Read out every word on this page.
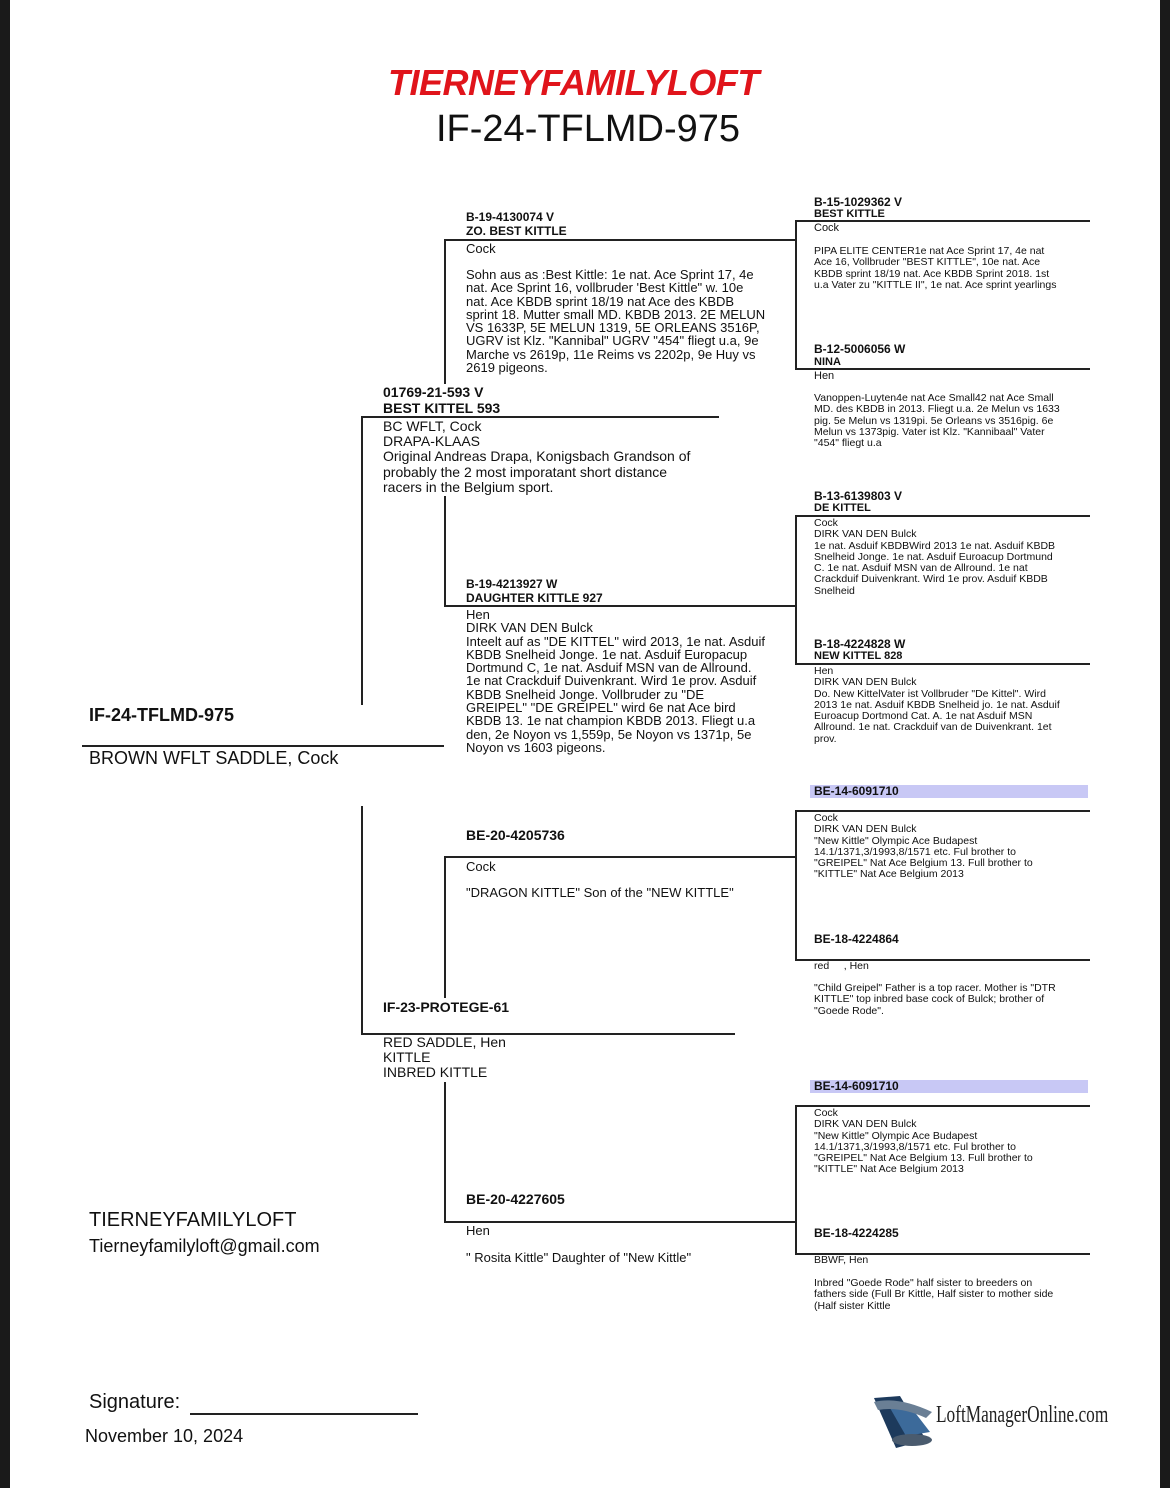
TIERNEYFAMILYLOFT
IF-24-TFLMD-975
IF-24-TFLMD-975
BROWN WFLT SADDLE, Cock
01769-21-593 V
BEST KITTEL 593
BC WFLT, Cock
DRAPA-KLAAS
Original Andreas Drapa, Konigsbach Grandson of
probably the 2 most imporatant short distance
racers in the Belgium sport.
IF-23-PROTEGE-61
RED SADDLE, Hen
KITTLE
INBRED KITTLE
B-19-4130074 V
ZO. BEST KITTLE
Cock
Sohn aus as :Best Kittle: 1e nat. Ace Sprint 17, 4e
nat. Ace Sprint 16, vollbruder 'Best Kittle" w. 10e
nat. Ace KBDB sprint 18/19 nat Ace des KBDB
sprint 18. Mutter small MD. KBDB 2013. 2E MELUN
VS 1633P, 5E MELUN 1319, 5E ORLEANS 3516P,
UGRV ist Klz. "Kannibal" UGRV "454" fliegt u.a, 9e
Marche vs 2619p, 11e Reims vs 2202p, 9e Huy vs
2619 pigeons.
B-19-4213927 W
DAUGHTER KITTLE 927
Hen
DIRK VAN DEN Bulck
Inteelt auf as "DE KITTEL" wird 2013, 1e nat. Asduif
KBDB Snelheid Jonge. 1e nat. Asduif Europacup
Dortmund C, 1e nat. Asduif MSN van de Allround.
1e nat Crackduif Duivenkrant. Wird 1e prov. Asduif
KBDB Snelheid Jonge. Vollbruder zu "DE
GREIPEL" "DE GREIPEL" wird 6e nat Ace bird
KBDB 13. 1e nat champion KBDB 2013. Fliegt u.a
den, 2e Noyon vs 1,559p, 5e Noyon vs 1371p, 5e
Noyon vs 1603 pigeons.
BE-20-4205736
Cock
"DRAGON KITTLE" Son of the "NEW KITTLE"
BE-20-4227605
Hen
" Rosita Kittle" Daughter of "New Kittle"
B-15-1029362 V
BEST KITTLE
Cock
PIPA ELITE CENTER1e nat Ace Sprint 17, 4e nat
Ace 16, Vollbruder "BEST KITTLE", 10e nat. Ace
KBDB sprint 18/19 nat. Ace KBDB Sprint 2018. 1st
u.a Vater zu "KITTLE II", 1e nat. Ace sprint yearlings
B-12-5006056 W
NINA
Hen
Vanoppen-Luyten4e nat Ace Small42 nat Ace Small
MD. des KBDB in 2013. Fliegt u.a. 2e Melun vs 1633
pig. 5e Melun vs 1319pi. 5e Orleans vs 3516pig. 6e
Melun vs 1373pig. Vater ist Klz. "Kannibaal" Vater
"454" fliegt u.a
B-13-6139803 V
DE KITTEL
Cock
DIRK VAN DEN Bulck
1e nat. Asduif KBDBWird 2013 1e nat. Asduif KBDB
Snelheid Jonge. 1e nat. Asduif Euroacup Dortmund
C. 1e nat. Asduif MSN van de Allround. 1e nat
Crackduif Duivenkrant. Wird 1e prov. Asduif KBDB
Snelheid
B-18-4224828 W
NEW KITTEL 828
Hen
DIRK VAN DEN Bulck
Do. New KittelVater ist Vollbruder "De Kittel". Wird
2013 1e nat. Asduif KBDB Snelheid jo. 1e nat. Asduif
Euroacup Dortmond Cat. A. 1e nat Asduif MSN
Allround. 1e nat. Crackduif van de Duivenkrant. 1et
prov.
BE-14-6091710
Cock
DIRK VAN DEN Bulck
"New Kittle" Olympic Ace Budapest
14.1/1371,3/1993,8/1571 etc. Ful brother to
"GREIPEL" Nat Ace Belgium 13. Full brother to
"KITTLE" Nat Ace Belgium 2013
BE-18-4224864
red     , Hen
"Child Greipel" Father is a top racer. Mother is "DTR
KITTLE" top inbred base cock of Bulck; brother of
"Goede Rode".
BE-14-6091710
Cock
DIRK VAN DEN Bulck
"New Kittle" Olympic Ace Budapest
14.1/1371,3/1993,8/1571 etc. Ful brother to
"GREIPEL" Nat Ace Belgium 13. Full brother to
"KITTLE" Nat Ace Belgium 2013
BE-18-4224285
BBWF, Hen
Inbred "Goede Rode" half sister to breeders on
fathers side (Full Br Kittle, Half sister to mother side
(Half sister Kittle
TIERNEYFAMILYLOFT
Tierneyfamilyloft@gmail.com
Signature:
November 10, 2024
LoftManagerOnline.com
